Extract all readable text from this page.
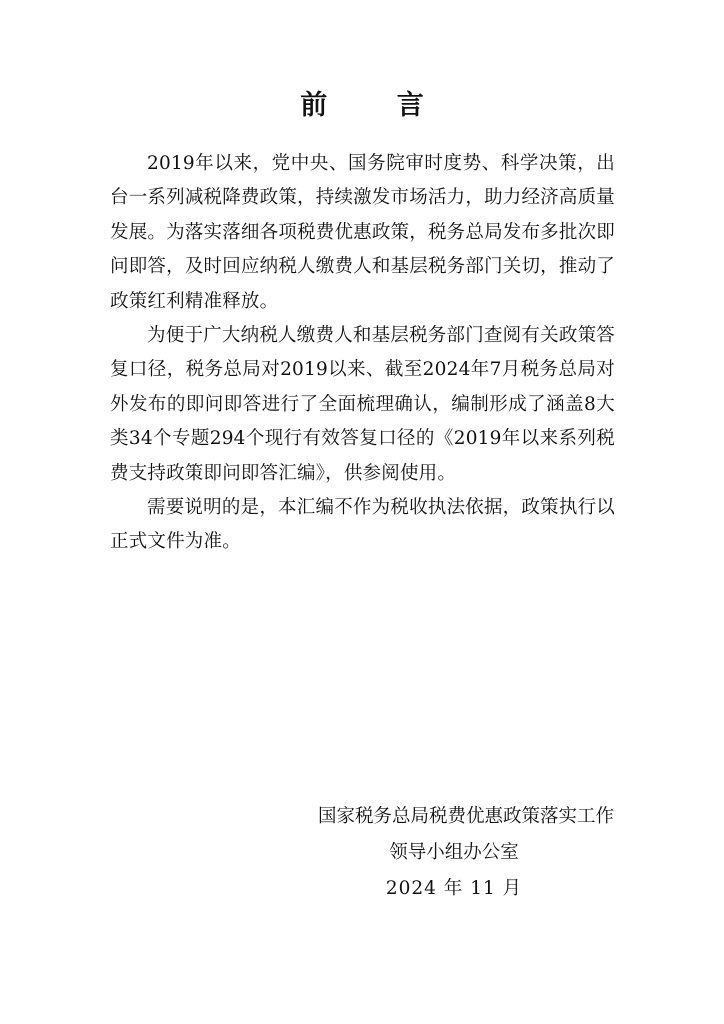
前 言

2019年以来，党中央、国务院审时度势、科学决策，出台一系列减税降费政策，持续激发市场活力，助力经济高质量发展。为落实落细各项税费优惠政策，税务总局发布多批次即问即答，及时回应纳税人缴费人和基层税务部门关切，推动了政策红利精准释放。

为便于广大纳税人缴费人和基层税务部门查阅有关政策答复口径，税务总局对2019以来、截至2024年7月税务总局对外发布的即问即答进行了全面梳理确认，编制形成了涵盖8大类34个专题294个现行有效答复口径的《2019年以来系列税费支持政策即问即答汇编》，供参阅使用。

需要说明的是，本汇编不作为税收执法依据，政策执行以正式文件为准。

国家税务总局税费优惠政策落实工作
领导小组办公室
2024 年 11 月
